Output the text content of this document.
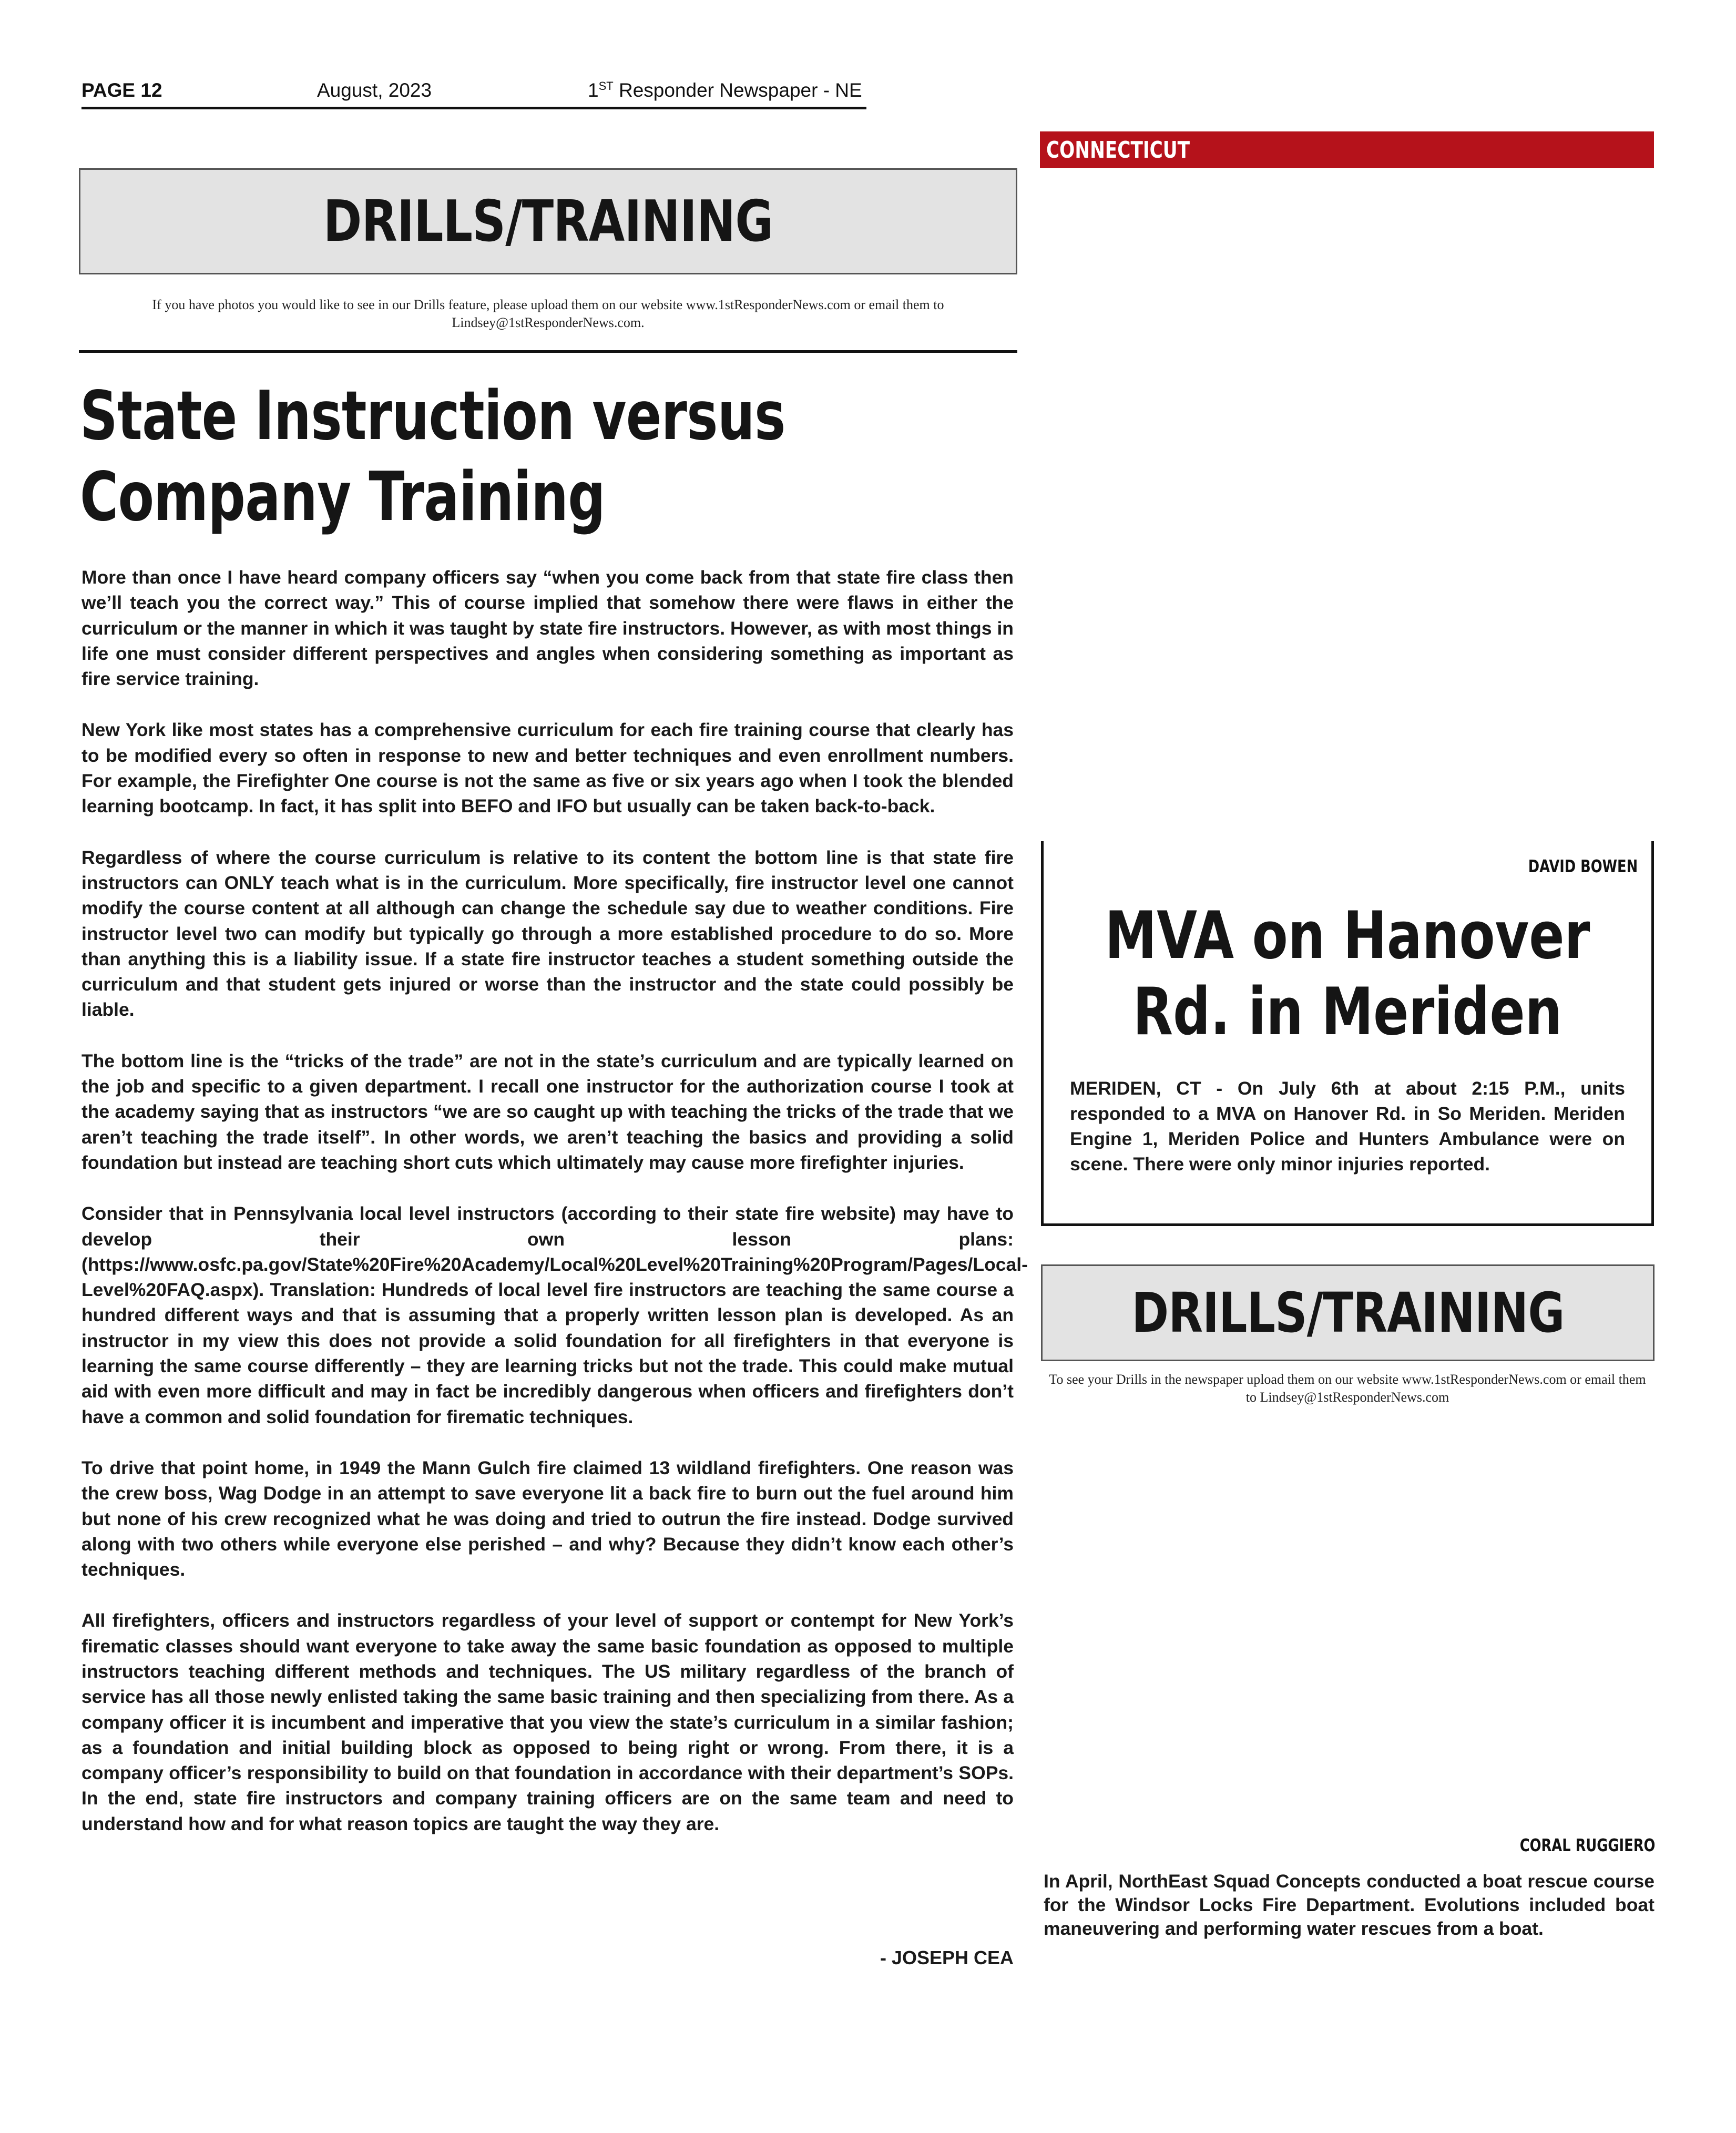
PAGE 12	August, 2023	1ST Responder Newspaper - NE
DRILLS/TRAINING
If you have photos you would like to see in our Drills feature, please upload them on our website www.1stResponderNews.com or email them to Lindsey@1stResponderNews.com.
State Instruction versus Company Training

More than once I have heard company officers say “when you come back from that state fire class then we’ll teach you the correct way.” This of course implied that somehow there were flaws in either the curriculum or the manner in which it was taught by state fire instructors. However, as with most things in life one must consider different perspectives and angles when considering something as important as fire service training.

New York like most states has a comprehensive curriculum for each fire training course that clearly has to be modified every so often in response to new and better techniques and even enrollment numbers. For example, the Firefighter One course is not the same as five or six years ago when I took the blended learning bootcamp. In fact, it has split into BEFO and IFO but usually can be taken back-to-back.

Regardless of where the course curriculum is relative to its content the bottom line is that state fire instructors can ONLY teach what is in the curriculum. More specifically, fire instructor level one cannot modify the course content at all although can change the schedule say due to weather conditions. Fire instructor level two can modify but typically go through a more established procedure to do so. More than anything this is a liability issue. If a state fire instructor teaches a student something outside the curriculum and that student gets injured or worse than the instructor and the state could possibly be liable.

The bottom line is the “tricks of the trade” are not in the state’s curriculum and are typically learned on the job and specific to a given department. I recall one instructor for the authorization course I took at the academy saying that as instructors “we are so caught up with teaching the tricks of the trade that we aren’t teaching the trade itself”. In other words, we aren’t teaching the basics and providing a solid foundation but instead are teaching short cuts which ultimately may cause more firefighter injuries.

Consider that in Pennsylvania local level instructors (according to their state fire website) may have to develop their own lesson plans: (https://www.osfc.pa.gov/State%20Fire%20Academy/Local%20Level%20Training%20Program/Pages/Local-Level%20FAQ.aspx). Translation: Hundreds of local level fire instructors are teaching the same course a hundred different ways and that is assuming that a properly written lesson plan is developed. As an instructor in my view this does not provide a solid foundation for all firefighters in that everyone is learning the same course differently – they are learning tricks but not the trade. This could make mutual aid with even more difficult and may in fact be incredibly dangerous when officers and firefighters don’t have a common and solid foundation for firematic techniques.

To drive that point home, in 1949 the Mann Gulch fire claimed 13 wildland firefighters. One reason was the crew boss, Wag Dodge in an attempt to save everyone lit a back fire to burn out the fuel around him but none of his crew recognized what he was doing and tried to outrun the fire instead. Dodge survived along with two others while everyone else perished – and why? Because they didn’t know each other’s techniques.

All firefighters, officers and instructors regardless of your level of support or contempt for New York’s firematic classes should want everyone to take away the same basic foundation as opposed to multiple instructors teaching different methods and techniques. The US military regardless of the branch of service has all those newly enlisted taking the same basic training and then specializing from there. As a company officer it is incumbent and imperative that you view the state’s curriculum in a similar fashion; as a foundation and initial building block as opposed to being right or wrong. From there, it is a company officer’s responsibility to build on that foundation in accordance with their department’s SOPs. In the end, state fire instructors and company training officers are on the same team and need to understand how and for what reason topics are taught the way they are.

- JOSEPH CEA
CONNECTICUT
DAVID BOWEN
MVA on Hanover Rd. in Meriden

MERIDEN, CT - On July 6th at about 2:15 P.M., units responded to a MVA on Hanover Rd. in So Meriden. Meriden Engine 1, Meriden Police and Hunters Ambulance were on scene. There were only minor injuries reported.

DRILLS/TRAINING
To see your Drills in the newspaper upload them on our website www.1stResponderNews.com or email them to Lindsey@1stResponderNews.com
CORAL RUGGIERO

In April, NorthEast Squad Concepts conducted a boat rescue course for the Windsor Locks Fire Department. Evolutions included boat maneuvering and performing water rescues from a boat.
